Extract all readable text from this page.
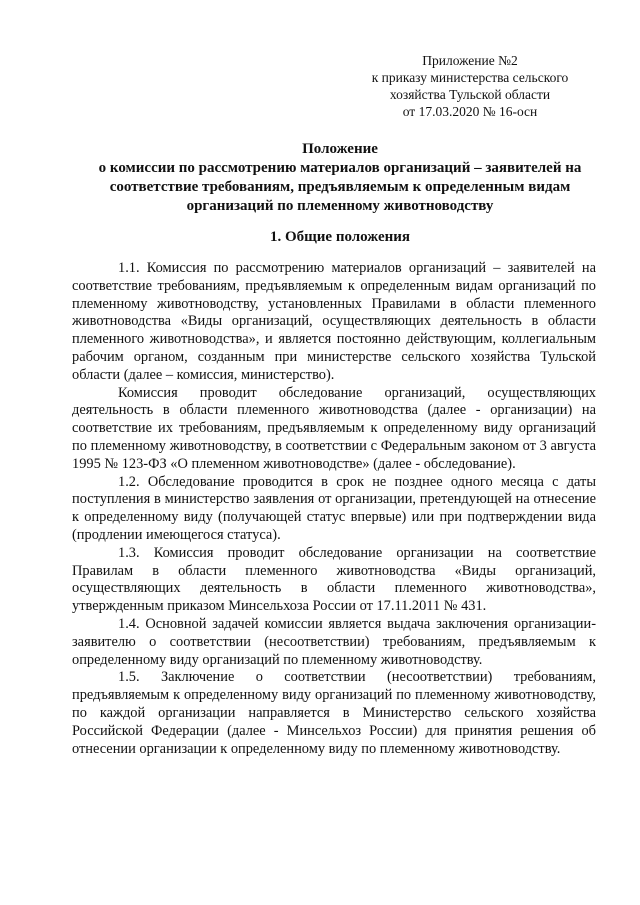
Приложение №2
к приказу министерства сельского
хозяйства Тульской области
от 17.03.2020 № 16-осн
Положение
о комиссии по рассмотрению материалов организаций – заявителей на
соответствие требованиям, предъявляемым к определенным видам
организаций по племенному животноводству
1. Общие положения

1.1. Комиссия по рассмотрению материалов организаций – заявителей на соответствие требованиям, предъявляемым к определенным видам организаций по племенному животноводству, установленных Правилами в области племенного животноводства «Виды организаций, осуществляющих деятельность в области племенного животноводства», и является постоянно действующим, коллегиальным рабочим органом, созданным при министерстве сельского хозяйства Тульской области (далее – комиссия, министерство).

Комиссия проводит обследование организаций, осуществляющих деятельность в области племенного животноводства (далее - организации) на соответствие их требованиям, предъявляемым к определенному виду организаций по племенному животноводству, в соответствии с Федеральным законом от 3 августа 1995 № 123-ФЗ «О племенном животноводстве» (далее - обследование).

1.2. Обследование проводится в срок не позднее одного месяца с даты поступления в министерство заявления от организации, претендующей на отнесение к определенному виду (получающей статус впервые) или при подтверждении вида (продлении имеющегося статуса).

1.3. Комиссия проводит обследование организации на соответствие Правилам в области племенного животноводства «Виды организаций, осуществляющих деятельность в области племенного животноводства», утвержденным приказом Минсельхоза России от 17.11.2011 № 431.

1.4. Основной задачей комиссии является выдача заключения организации-заявителю о соответствии (несоответствии) требованиям, предъявляемым к определенному виду организаций по племенному животноводству.

1.5. Заключение о соответствии (несоответствии) требованиям, предъявляемым к определенному виду организаций по племенному животноводству, по каждой организации направляется в Министерство сельского хозяйства Российской Федерации (далее - Минсельхоз России) для принятия решения об отнесении организации к определенному виду по племенному животноводству.
